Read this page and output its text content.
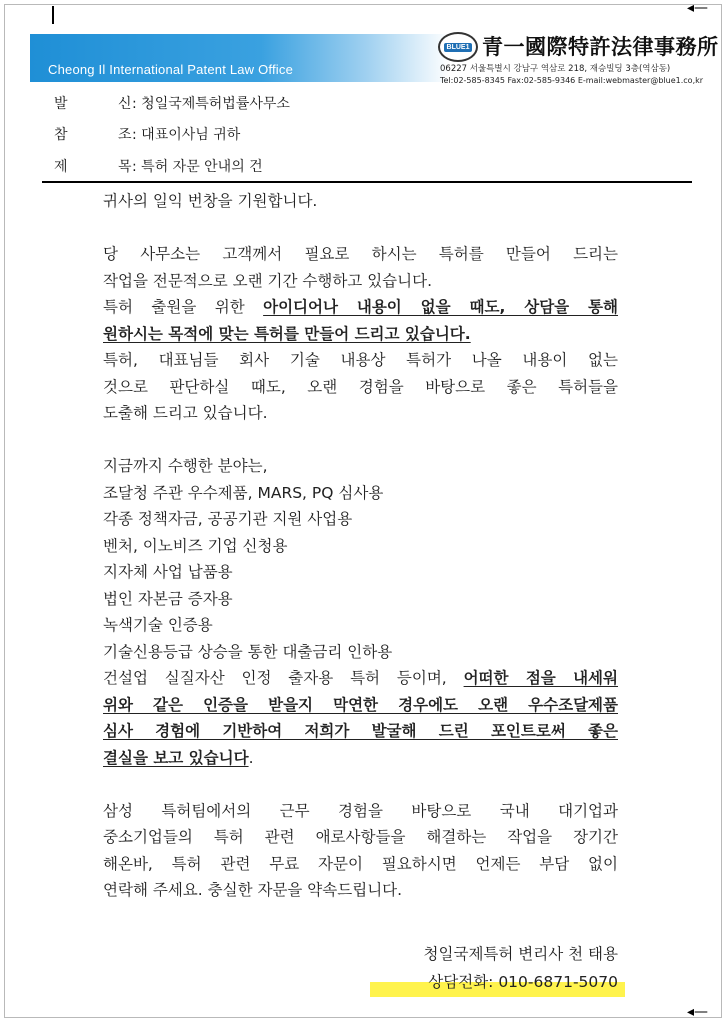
◂—
◂—
Cheong Il International Patent Law Office
BLUE1 青一國際特許法律事務所
06227 서울특별시 강남구 역삼로 218, 재승빌딩 3층(역삼동)
Tel:02-585-8345 Fax:02-585-9346 E-mail:webmaster@blue1.co,kr
발	신 : 청일국제특허법률사무소
참	조 : 대표이사님 귀하
제	목 : 특허 자문 안내의 건
귀사의 일익 번창을 기원합니다.
당 사무소는 고객께서 필요로 하시는 특허를 만들어 드리는
작업을 전문적으로 오랜 기간 수행하고 있습니다.
특허 출원을 위한 아이디어나 내용이 없을 때도, 상담을 통해
원하시는 목적에 맞는 특허를 만들어 드리고 있습니다.
특허, 대표님들 회사 기술 내용상 특허가 나올 내용이 없는
것으로 판단하실 때도, 오랜 경험을 바탕으로 좋은 특허들을
도출해 드리고 있습니다.
지금까지 수행한 분야는,
조달청 주관 우수제품, MARS, PQ 심사용
각종 정책자금, 공공기관 지원 사업용
벤처, 이노비즈 기업 신청용
지자체 사업 납품용
법인 자본금 증자용
녹색기술 인증용
기술신용등급 상승을 통한 대출금리 인하용
건설업 실질자산 인정 출자용 특허 등이며, 어떠한 점을 내세워
위와 같은 인증을 받을지 막연한 경우에도 오랜 우수조달제품
심사 경험에 기반하여 저희가 발굴해 드린 포인트로써 좋은
결실을 보고 있습니다.
삼성 특허팀에서의 근무 경험을 바탕으로 국내 대기업과
중소기업들의 특허 관련 애로사항들을 해결하는 작업을 장기간
해온바, 특허 관련 무료 자문이 필요하시면 언제든 부담 없이
연락해 주세요. 충실한 자문을 약속드립니다.
청일국제특허 변리사 천 태용
상담전화: 010-6871-5070
